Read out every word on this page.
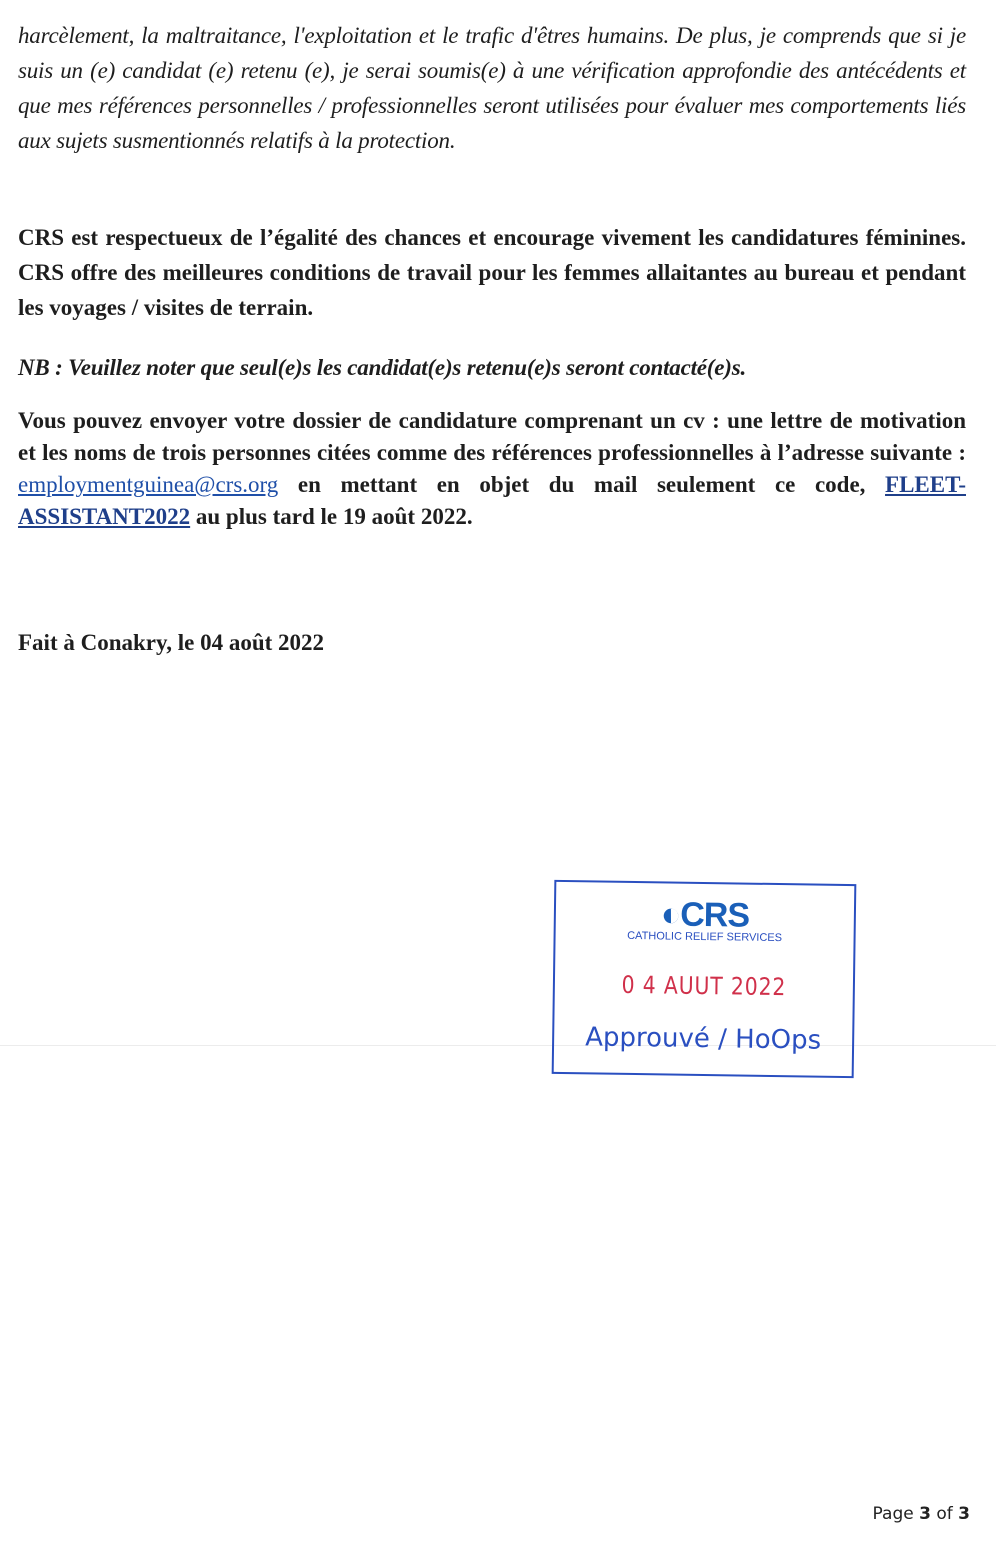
harcèlement, la maltraitance, l'exploitation et le trafic d'êtres humains. De plus, je comprends que si je suis un (e) candidat (e) retenu (e), je serai soumis(e) à une vérification approfondie des antécédents et que mes références personnelles / professionnelles seront utilisées pour évaluer mes comportements liés aux sujets susmentionnés relatifs à la protection.
CRS est respectueux de l’égalité des chances et encourage vivement les candidatures féminines. CRS offre des meilleures conditions de travail pour les femmes allaitantes au bureau et pendant les voyages / visites de terrain.
NB : Veuillez noter que seul(e)s les candidat(e)s retenu(e)s seront contacté(e)s.
Vous pouvez envoyer votre dossier de candidature comprenant un cv : une lettre de motivation et les noms de trois personnes citées comme des références professionnelles à l’adresse suivante : employmentguinea@crs.org en mettant en objet du mail seulement ce code, FLEET-ASSISTANT2022 au plus tard le 19 août 2022.
Fait à Conakry, le 04 août 2022
◐CRS
CATHOLIC RELIEF SERVICES
0 4 AUUT 2022
Approuvé / HoOps
Page 3 of 3
